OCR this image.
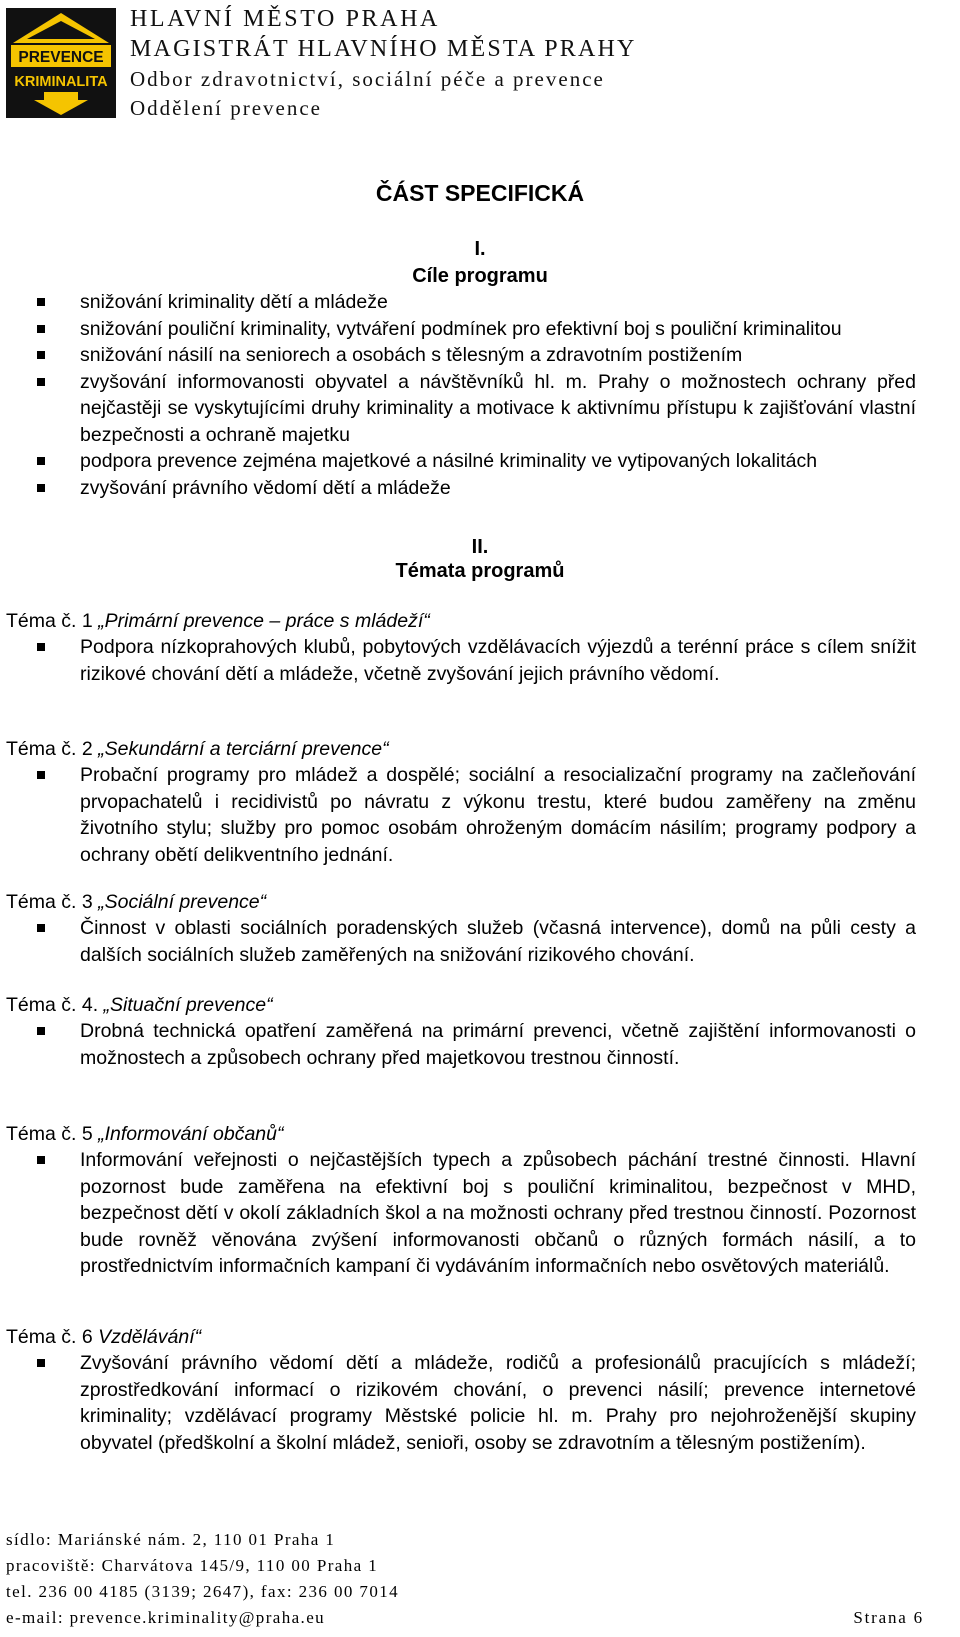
PREVENCE
KRIMINALITA
HLAVNÍ MĚSTO PRAHA
MAGISTRÁT HLAVNÍHO MĚSTA PRAHY
Odbor zdravotnictví, sociální péče a prevence
Oddělení prevence
ČÁST SPECIFICKÁ
I.
Cíle programu
snižování kriminality dětí a mládeže
snižování pouliční kriminality, vytváření podmínek pro efektivní boj s pouliční kriminalitou
snižování násilí na seniorech a osobách s tělesným a zdravotním postižením
zvyšování informovanosti obyvatel a návštěvníků hl. m. Prahy o možnostech ochrany před nejčastěji se vyskytujícími druhy kriminality a motivace k aktivnímu přístupu k zajišťování vlastní bezpečnosti a ochraně majetku
podpora prevence zejména majetkové a násilné kriminality ve vytipovaných lokalitách
zvyšování právního vědomí dětí a mládeže
II.
Témata programů
Téma č. 1 „Primární prevence – práce s mládeží“
Podpora nízkoprahových klubů, pobytových vzdělávacích výjezdů a terénní práce s cílem snížit rizikové chování dětí a mládeže, včetně zvyšování jejich právního vědomí.
Téma č. 2 „Sekundární a terciární prevence“
Probační programy pro mládež a dospělé; sociální a resocializační programy na začleňování prvopachatelů i recidivistů po návratu z výkonu trestu, které budou zaměřeny na změnu životního stylu; služby pro pomoc osobám ohroženým domácím násilím; programy podpory a ochrany obětí delikventního jednání.
Téma č. 3 „Sociální prevence“
Činnost v oblasti sociálních poradenských služeb (včasná intervence), domů na půli cesty a dalších sociálních služeb zaměřených na snižování rizikového chování.
Téma č. 4. „Situační prevence“
Drobná technická opatření zaměřená na primární prevenci, včetně zajištění informovanosti o možnostech a způsobech ochrany před majetkovou trestnou činností.
Téma č. 5 „Informování občanů“
Informování veřejnosti o nejčastějších typech a způsobech páchání trestné činnosti. Hlavní pozornost bude zaměřena na efektivní boj s pouliční kriminalitou, bezpečnost v MHD, bezpečnost dětí v okolí základních škol a na možnosti ochrany před trestnou činností. Pozornost bude rovněž věnována zvýšení informovanosti občanů o různých formách násilí, a to prostřednictvím informačních kampaní či vydáváním informačních nebo osvětových materiálů.
Téma č. 6 Vzdělávání“
Zvyšování právního vědomí dětí a mládeže, rodičů a profesionálů pracujících s mládeží; zprostředkování informací o rizikovém chování, o prevenci násilí; prevence internetové kriminality; vzdělávací programy Městské policie hl. m. Prahy pro nejohroženější skupiny obyvatel (předškolní a školní mládež, senioři, osoby se zdravotním a tělesným postižením).
sídlo: Mariánské nám. 2, 110 01 Praha 1
pracoviště: Charvátova 145/9, 110 00 Praha 1
tel. 236 00 4185 (3139; 2647), fax: 236 00 7014
e-mail: prevence.kriminality@praha.eu	Strana 6
